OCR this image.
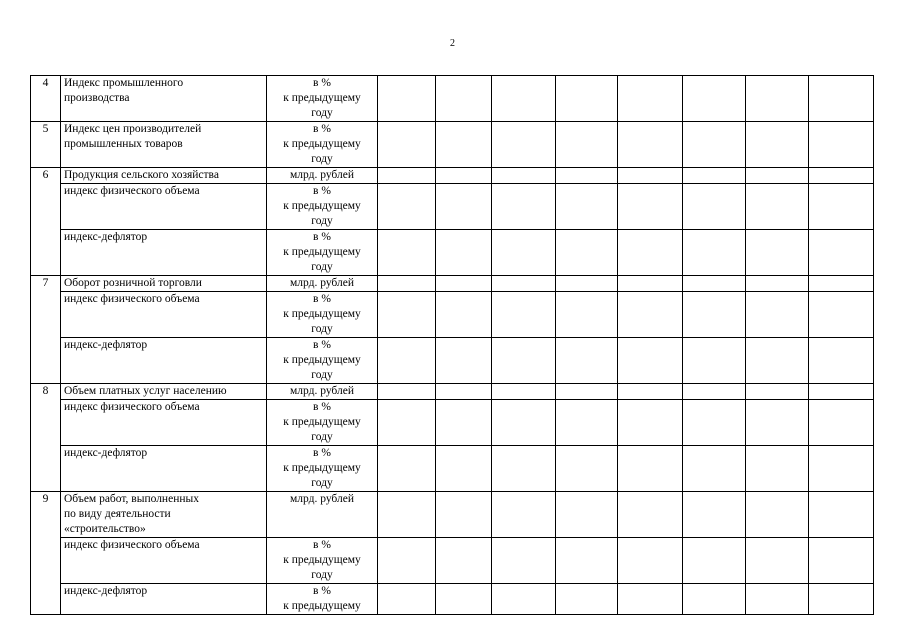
2
4	Индекс промышленного
производства	в %
к предыдущему
году								
5	Индекс цен производителей
промышленных товаров	в %
к предыдущему
году								
6	Продукция сельского хозяйства	млрд. рублей								
	индекс физического объема	в %
к предыдущему
году								
	индекс-дефлятор	в %
к предыдущему
году								
7	Оборот розничной торговли	млрд. рублей								
	индекс физического объема	в %
к предыдущему
году								
	индекс-дефлятор	в %
к предыдущему
году								
8	Объем платных услуг населению	млрд. рублей								
	индекс физического объема	в %
к предыдущему
году								
	индекс-дефлятор	в %
к предыдущему
году								
9	Объем работ, выполненных
по виду деятельности
«строительство»	млрд. рублей								
	индекс физического объема	в %
к предыдущему
году								
	индекс-дефлятор	в %
к предыдущему								
